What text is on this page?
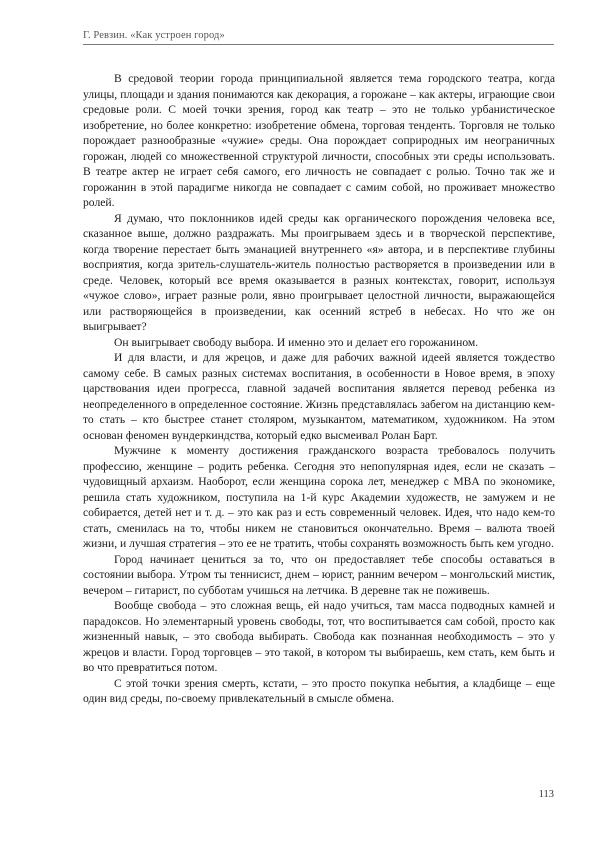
Г. Ревзин. «Как устроен город»

В средовой теории города принципиальной является тема городского театра, когда улицы, площади и здания понимаются как декорация, а горожане – как актеры, играющие свои средовые роли. С моей точки зрения, город как театр – это не только урбанистическое изобретение, но более конкретно: изобретение обмена, торговая тенденть. Торговля не только порождает разнообразные «чужие» среды. Она порождает соприродных им неограничных горожан, людей со множественной структурой личности, способных эти среды использовать. В театре актер не играет себя самого, его личность не совпадает с ролью. Точно так же и горожанин в этой парадигме никогда не совпадает с самим собой, но проживает множество ролей.

Я думаю, что поклонников идей среды как органического порождения человека все, сказанное выше, должно раздражать. Мы проигрываем здесь и в творческой перспективе, когда творение перестает быть эманацией внутреннего «я» автора, и в перспективе глубины восприятия, когда зритель-слушатель-житель полностью растворяется в произведении или в среде. Человек, который все время оказывается в разных контекстах, говорит, используя «чужое слово», играет разные роли, явно проигрывает целостной личности, выражающейся или растворяющейся в произведении, как осенний ястреб в небесах. Но что же он выигрывает?

Он выигрывает свободу выбора. И именно это и делает его горожанином.

И для власти, и для жрецов, и даже для рабочих важной идеей является тождество самому себе. В самых разных системах воспитания, в особенности в Новое время, в эпоху царствования идеи прогресса, главной задачей воспитания является перевод ребенка из неопределенного в определенное состояние. Жизнь представлялась забегом на дистанцию кем-то стать – кто быстрее станет столяром, музыкантом, математиком, художником. На этом основан феномен вундеркиндства, который едко высмеивал Ролан Барт.

Мужчине к моменту достижения гражданского возраста требовалось получить профессию, женщине – родить ребенка. Сегодня это непопулярная идея, если не сказать – чудовищный архаизм. Наоборот, если женщина сорока лет, менеджер с MBA по экономике, решила стать художником, поступила на 1-й курс Академии художеств, не замужем и не собирается, детей нет и т. д. – это как раз и есть современный человек. Идея, что надо кем-то стать, сменилась на то, чтобы никем не становиться окончательно. Время – валюта твоей жизни, и лучшая стратегия – это ее не тратить, чтобы сохранять возможность быть кем угодно.

Город начинает цениться за то, что он предоставляет тебе способы оставаться в состоянии выбора. Утром ты теннисист, днем – юрист, ранним вечером – монгольский мистик, вечером – гитарист, по субботам учишься на летчика. В деревне так не поживешь.

Вообще свобода – это сложная вещь, ей надо учиться, там масса подводных камней и парадоксов. Но элементарный уровень свободы, тот, что воспитывается сам собой, просто как жизненный навык, – это свобода выбирать. Свобода как познанная необходимость – это у жрецов и власти. Город торговцев – это такой, в котором ты выбираешь, кем стать, кем быть и во что превратиться потом.

С этой точки зрения смерть, кстати, – это просто покупка небытия, а кладбище – еще один вид среды, по-своему привлекательный в смысле обмена.

113
